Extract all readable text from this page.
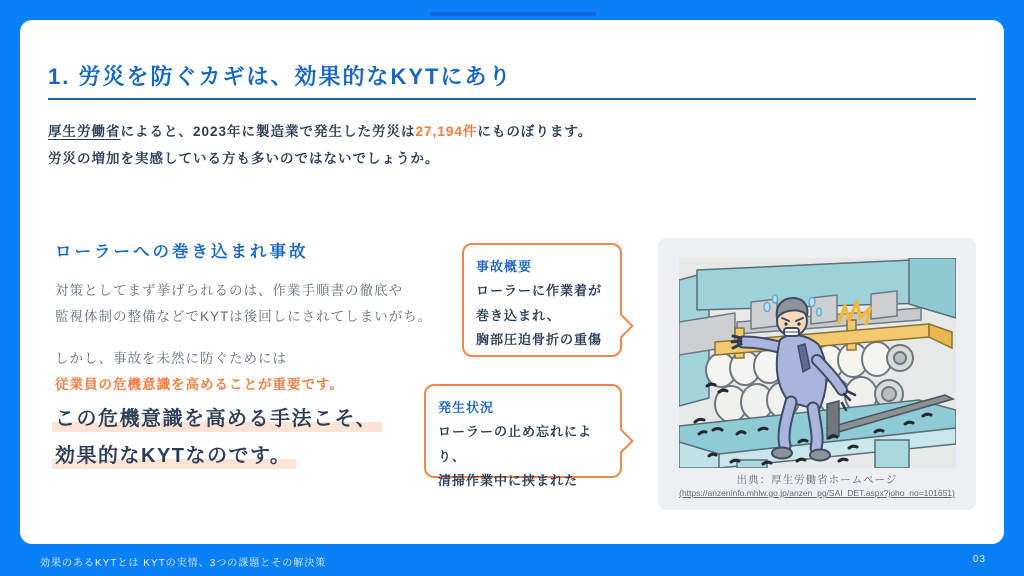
1. 労災を防ぐカギは、効果的なKYTにあり
厚生労働省によると、2023年に製造業で発生した労災は27,194件にものぼります。
労災の増加を実感している方も多いのではないでしょうか。
ローラーへの巻き込まれ事故
対策としてまず挙げられるのは、作業手順書の徹底や
監視体制の整備などでKYTは後回しにされてしまいがち。
しかし、事故を未然に防ぐためには
従業員の危機意識を高めることが重要です。
この危機意識を高める手法こそ、
効果的なKYTなのです。
事故概要
ローラーに作業着が
巻き込まれ、
胸部圧迫骨折の重傷
発生状況
ローラーの止め忘れにより、
清掃作業中に挟まれた	出典：厚生労働省ホームページ
(https://anzeninfo.mhlw.go.jp/anzen_pg/SAI_DET.aspx?joho_no=101651)
効果のあるKYTとは KYTの実情、3つの課題とその解決策	03
